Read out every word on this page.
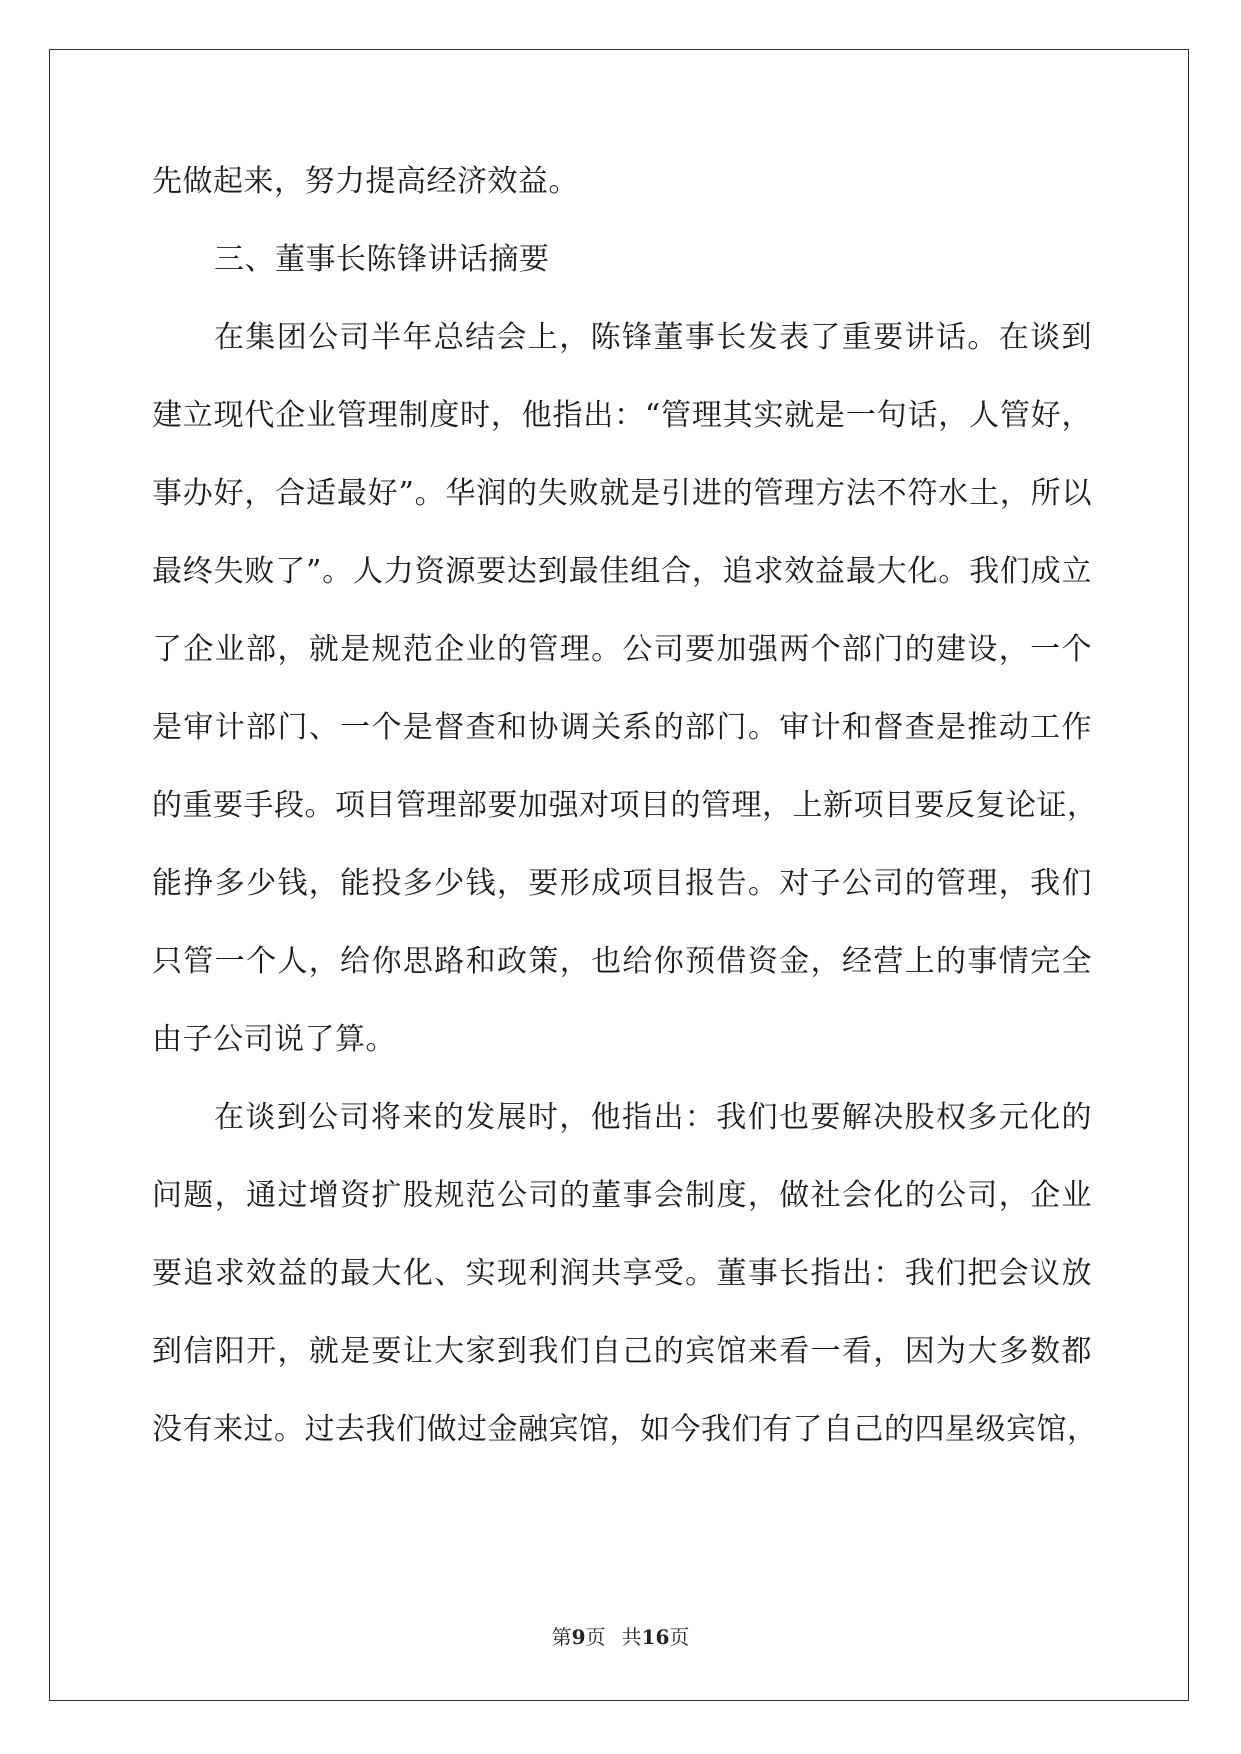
先做起来，努力提高经济效益。
三、董事长陈锋讲话摘要
在集团公司半年总结会上，陈锋董事长发表了重要讲话。在谈到
建立现代企业管理制度时，他指出：“管理其实就是一句话，人管好，
事办好，合适最好”。华润的失败就是引进的管理方法不符水土，所以
最终失败了”。人力资源要达到最佳组合，追求效益最大化。我们成立
了企业部，就是规范企业的管理。公司要加强两个部门的建设，一个
是审计部门、一个是督查和协调关系的部门。审计和督查是推动工作
的重要手段。项目管理部要加强对项目的管理，上新项目要反复论证，
能挣多少钱，能投多少钱，要形成项目报告。对子公司的管理，我们
只管一个人，给你思路和政策，也给你预借资金，经营上的事情完全
由子公司说了算。
在谈到公司将来的发展时，他指出：我们也要解决股权多元化的
问题，通过增资扩股规范公司的董事会制度，做社会化的公司，企业
要追求效益的最大化、实现利润共享受。董事长指出：我们把会议放
到信阳开，就是要让大家到我们自己的宾馆来看一看，因为大多数都
没有来过。过去我们做过金融宾馆，如今我们有了自己的四星级宾馆，
第9页 共16页
